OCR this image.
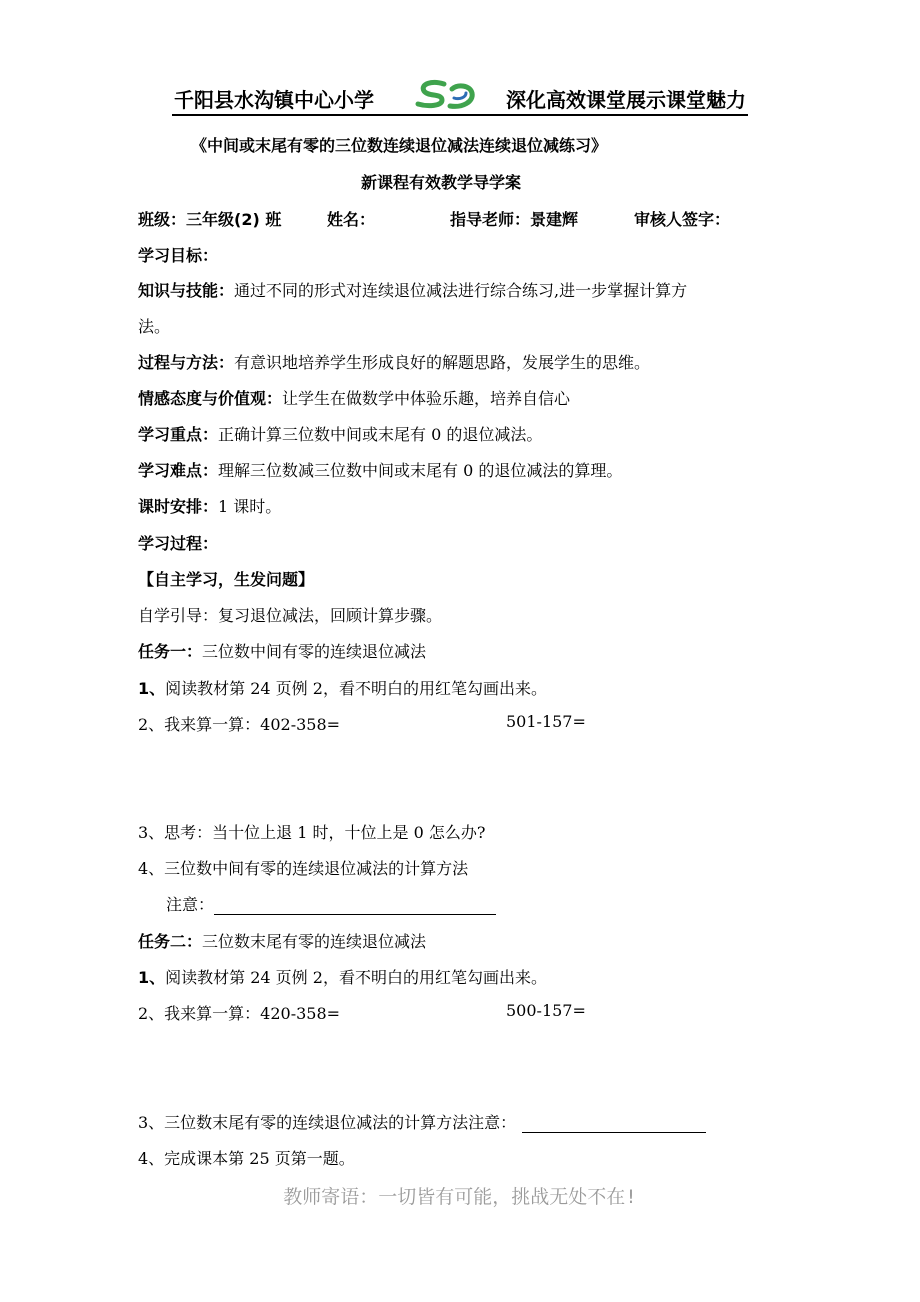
千阳县水沟镇中心小学	深化高效课堂展示课堂魅力
《中间或末尾有零的三位数连续退位减法连续退位减练习》
新课程有效教学导学案
班级：三年级(2) 班	姓名：	指导老师：景建辉	审核人签字：
学习目标：
知识与技能：通过不同的形式对连续退位减法进行综合练习,进一步掌握计算方
法。
过程与方法：有意识地培养学生形成良好的解题思路，发展学生的思维。
情感态度与价值观：让学生在做数学中体验乐趣，培养自信心
学习重点：正确计算三位数中间或末尾有 0 的退位减法。
学习难点：理解三位数减三位数中间或末尾有 0 的退位减法的算理。
课时安排：1 课时。
学习过程：
【自主学习，生发问题】
自学引导：复习退位减法，回顾计算步骤。
任务一：三位数中间有零的连续退位减法
1、阅读教材第 24 页例 2，看不明白的用红笔勾画出来。
2、我来算一算：402-358=	501-157=
3、思考：当十位上退 1 时，十位上是 0 怎么办?
4、三位数中间有零的连续退位减法的计算方法
注意：
任务二：三位数末尾有零的连续退位减法
1、阅读教材第 24 页例 2，看不明白的用红笔勾画出来。
2、我来算一算：420-358=	500-157=
3、三位数末尾有零的连续退位减法的计算方法注意：
4、完成课本第 25 页第一题。
教师寄语：一切皆有可能，挑战无处不在!
